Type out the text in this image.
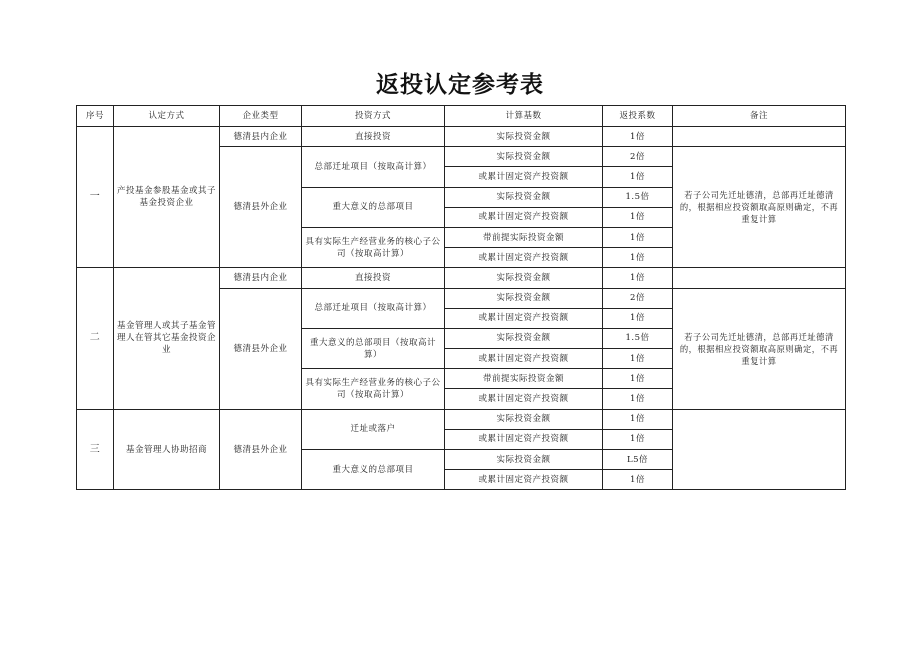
返投认定参考表
序号	认定方式	企业类型	投资方式	计算基数	返投系数	备注
一	产投基金参股基金或其子基金投资企业	德清县内企业	直接投资	实际投资金额	1倍	
		德清县外企业	总部迁址项目（按取高计算）	实际投资金额	2倍	若子公司先迁址德清，总部再迁址德清的，根据相应投资额取高原则确定，不再重复计算
				或累计固定资产投资额	1倍	
			重大意义的总部项目	实际投资金额	1.5倍	
				或累计固定资产投资额	1倍	
			具有实际生产经营业务的核心子公司（按取高计算）	带前提实际投资金额	1倍	
				或累计固定资产投资额	1倍	
二	基金管理人或其子基金管理人在管其它基金投资企业	德清县内企业	直接投资	实际投资金额	1倍	
		德清县外企业	总部迁址项目（按取高计算）	实际投资金额	2倍	若子公司先迁址德清，总部再迁址德清的，根据相应投资额取高原则确定，不再重复计算
				或累计固定资产投资额	1倍	
			重大意义的总部项目（按取高计算）	实际投资金额	1.5倍	
				或累计固定资产投资额	1倍	
			具有实际生产经营业务的核心子公司（按取高计算）	带前提实际投资金额	1倍	
				或累计固定资产投资额	1倍	
三	基金管理人协助招商	德清县外企业	迁址或落户	实际投资金额	1倍	
				或累计固定资产投资额	1倍	
			重大意义的总部项目	实际投资金额	L5倍	
				或累计固定资产投资额	1倍	
